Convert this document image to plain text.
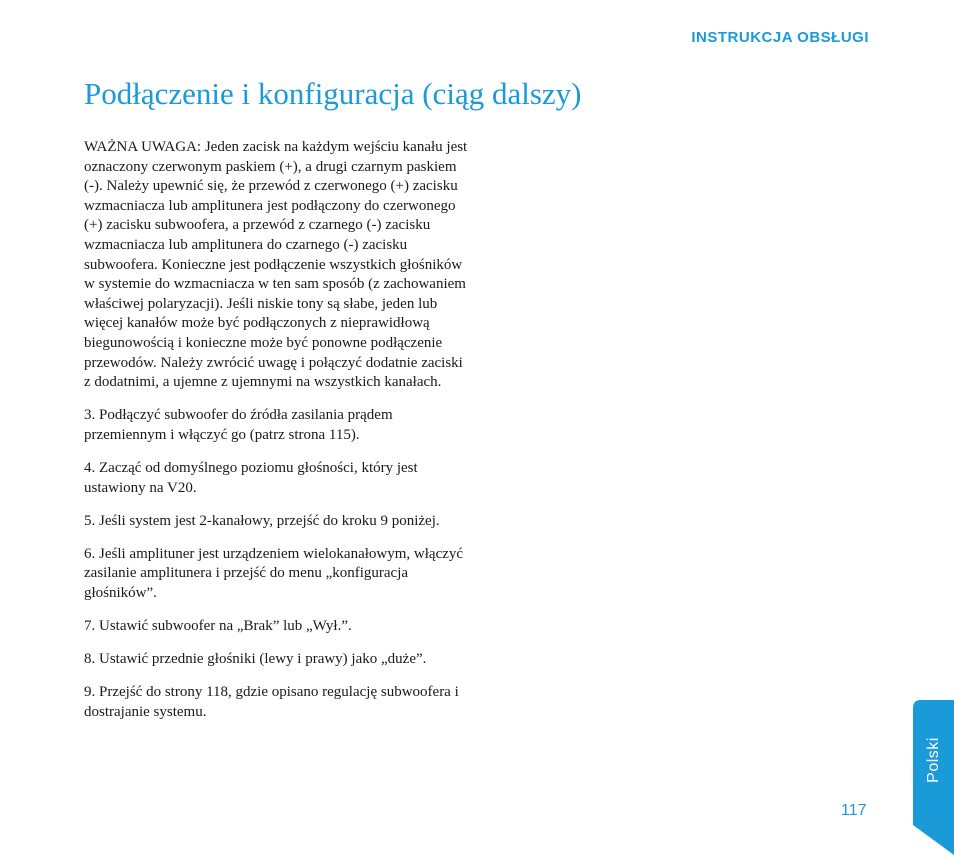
INSTRUKCJA OBSŁUGI
Podłączenie i konfiguracja (ciąg dalszy)

WAŻNA UWAGA: Jeden zacisk na każdym wejściu kanału jest oznaczony czerwonym paskiem (+), a drugi czarnym paskiem (-). Należy upewnić się, że przewód z czerwonego (+) zacisku wzmacniacza lub amplitunera jest podłączony do czerwonego (+) zacisku subwoofera, a przewód z czarnego (-) zacisku wzmacniacza lub amplitunera do czarnego (-) zacisku subwoofera. Konieczne jest podłączenie wszystkich głośników w systemie do wzmacniacza w ten sam sposób (z zachowaniem właściwej polaryzacji). Jeśli niskie tony są słabe, jeden lub więcej kanałów może być podłączonych z nieprawidłową biegunowością i konieczne może być ponowne podłączenie przewodów. Należy zwrócić uwagę i połączyć dodatnie zaciski z dodatnimi, a ujemne z ujemnymi na wszystkich kanałach.

3. Podłączyć subwoofer do źródła zasilania prądem przemiennym i włączyć go (patrz strona 115).

4. Zacząć od domyślnego poziomu głośności, który jest ustawiony na V20.

5. Jeśli system jest 2-kanałowy, przejść do kroku 9 poniżej.

6. Jeśli amplituner jest urządzeniem wielokanałowym, włączyć zasilanie amplitunera i przejść do menu „konfiguracja głośników”.

7. Ustawić subwoofer na „Brak” lub „Wył.”.

8. Ustawić przednie głośniki (lewy i prawy) jako „duże”.

9. Przejść do strony 118, gdzie opisano regulację subwoofera i dostrajanie systemu.

117
Polski
